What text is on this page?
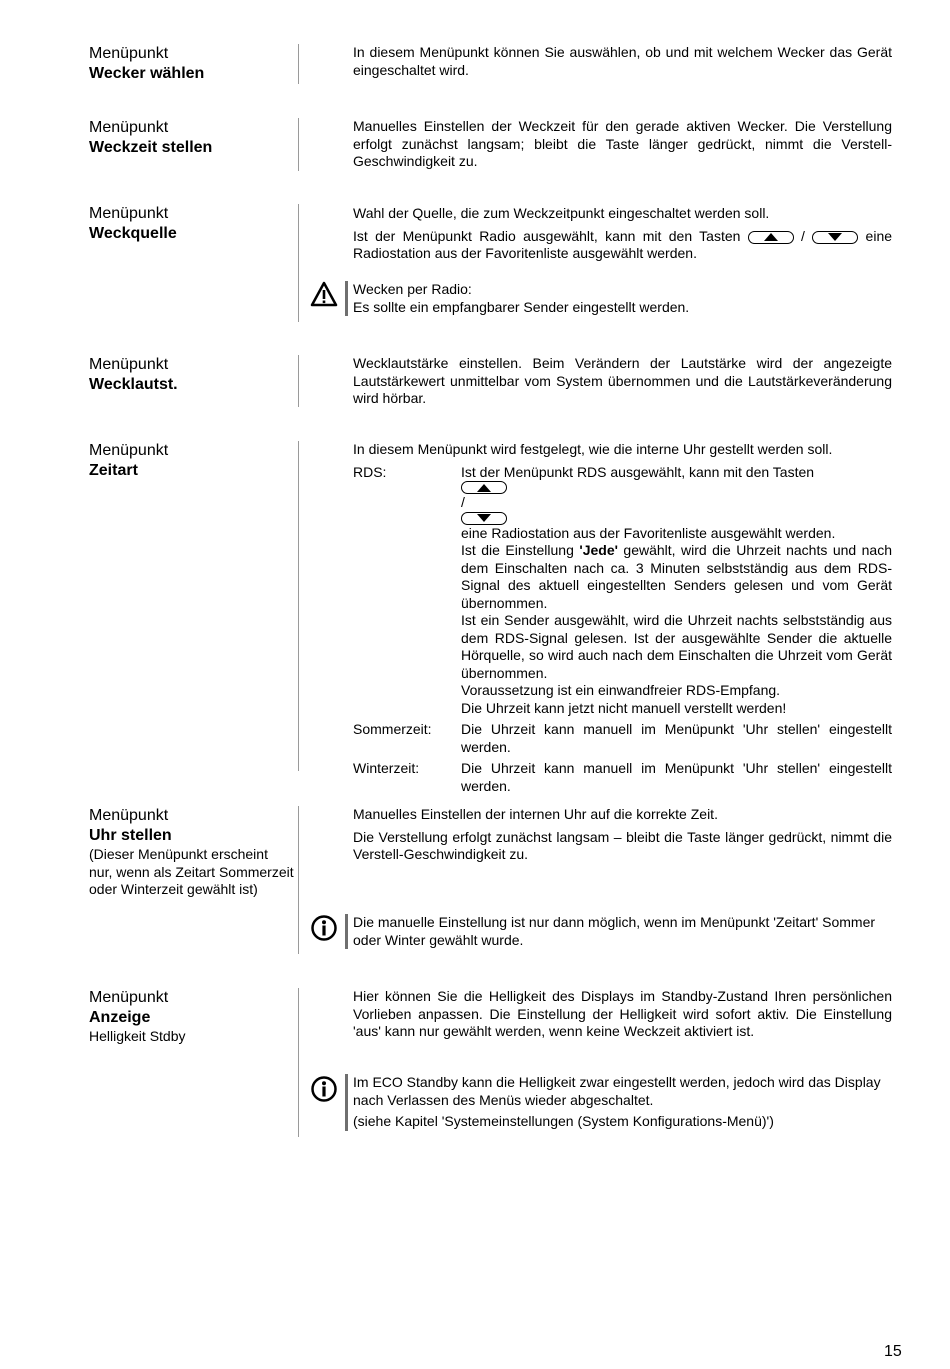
Menüpunkt
Wecker wählen

In diesem Menüpunkt können Sie auswählen, ob und mit welchem Wecker das Gerät eingeschaltet wird.

Menüpunkt
Weckzeit stellen

Manuelles Einstellen der Weckzeit für den gerade aktiven Wecker. Die Verstellung erfolgt zunächst langsam; bleibt die Taste länger gedrückt, nimmt die Verstell-Geschwindigkeit zu.

Menüpunkt
Weckquelle

Wahl der Quelle, die zum Weckzeitpunkt eingeschaltet werden soll.

Ist der Menüpunkt Radio ausgewählt, kann mit den Tasten	/	eine Radiostation aus der Favoritenliste ausgewählt werden.

Wecken per Radio:

Es sollte ein empfangbarer Sender eingestellt werden.

Menüpunkt
Wecklautst.

Wecklautstärke einstellen. Beim Verändern der Lautstärke wird der angezeigte Lautstärkewert unmittelbar vom System übernommen und die Lautstärkeveränderung wird hörbar.

Menüpunkt
Zeitart

In diesem Menüpunkt wird festgelegt, wie die interne Uhr gestellt werden soll.

RDS:	Ist der Menüpunkt RDS ausgewählt, kann mit den Tasten
/
eine Radiostation aus der Favoritenliste ausgewählt werden.
Ist die Einstellung 'Jede' gewählt, wird die Uhrzeit nachts und nach dem Einschalten nach ca. 3 Minuten selbstständig aus dem RDS-Signal des aktuell eingestellten Senders gelesen und vom Gerät übernommen.
Ist ein Sender ausgewählt, wird die Uhrzeit nachts selbstständig aus dem RDS-Signal gelesen. Ist der ausgewählte Sender die aktuelle Hörquelle, so wird auch nach dem Einschalten die Uhrzeit vom Gerät übernommen.
Voraussetzung ist ein einwandfreier RDS-Empfang.
Die Uhrzeit kann jetzt nicht manuell verstellt werden!
Sommerzeit:	Die Uhrzeit kann manuell im Menüpunkt 'Uhr stellen' eingestellt werden.
Winterzeit:	Die Uhrzeit kann manuell im Menüpunkt 'Uhr stellen' eingestellt werden.
Menüpunkt
Uhr stellen
(Dieser Menüpunkt erscheint nur, wenn als Zeitart Sommerzeit oder Winterzeit gewählt ist)

Manuelles Einstellen der internen Uhr auf die korrekte Zeit.

Die Verstellung erfolgt zunächst langsam – bleibt die Taste länger gedrückt, nimmt die Verstell-Geschwindigkeit zu.

Die manuelle Einstellung ist nur dann möglich, wenn im Menüpunkt 'Zeitart' Sommer oder Winter gewählt wurde.

Menüpunkt
Anzeige
Helligkeit Stdby

Hier können Sie die Helligkeit des Displays im Standby-Zustand Ihren persönlichen Vorlieben anpassen. Die Einstellung der Helligkeit wird sofort aktiv. Die Einstellung 'aus' kann nur gewählt werden, wenn keine Weckzeit aktiviert ist.

Im ECO Standby kann die Helligkeit zwar eingestellt werden, jedoch wird das Display nach Verlassen des Menüs wieder abgeschaltet.

(siehe Kapitel 'Systemeinstellungen (System Konfigurations-Menü)')

15
